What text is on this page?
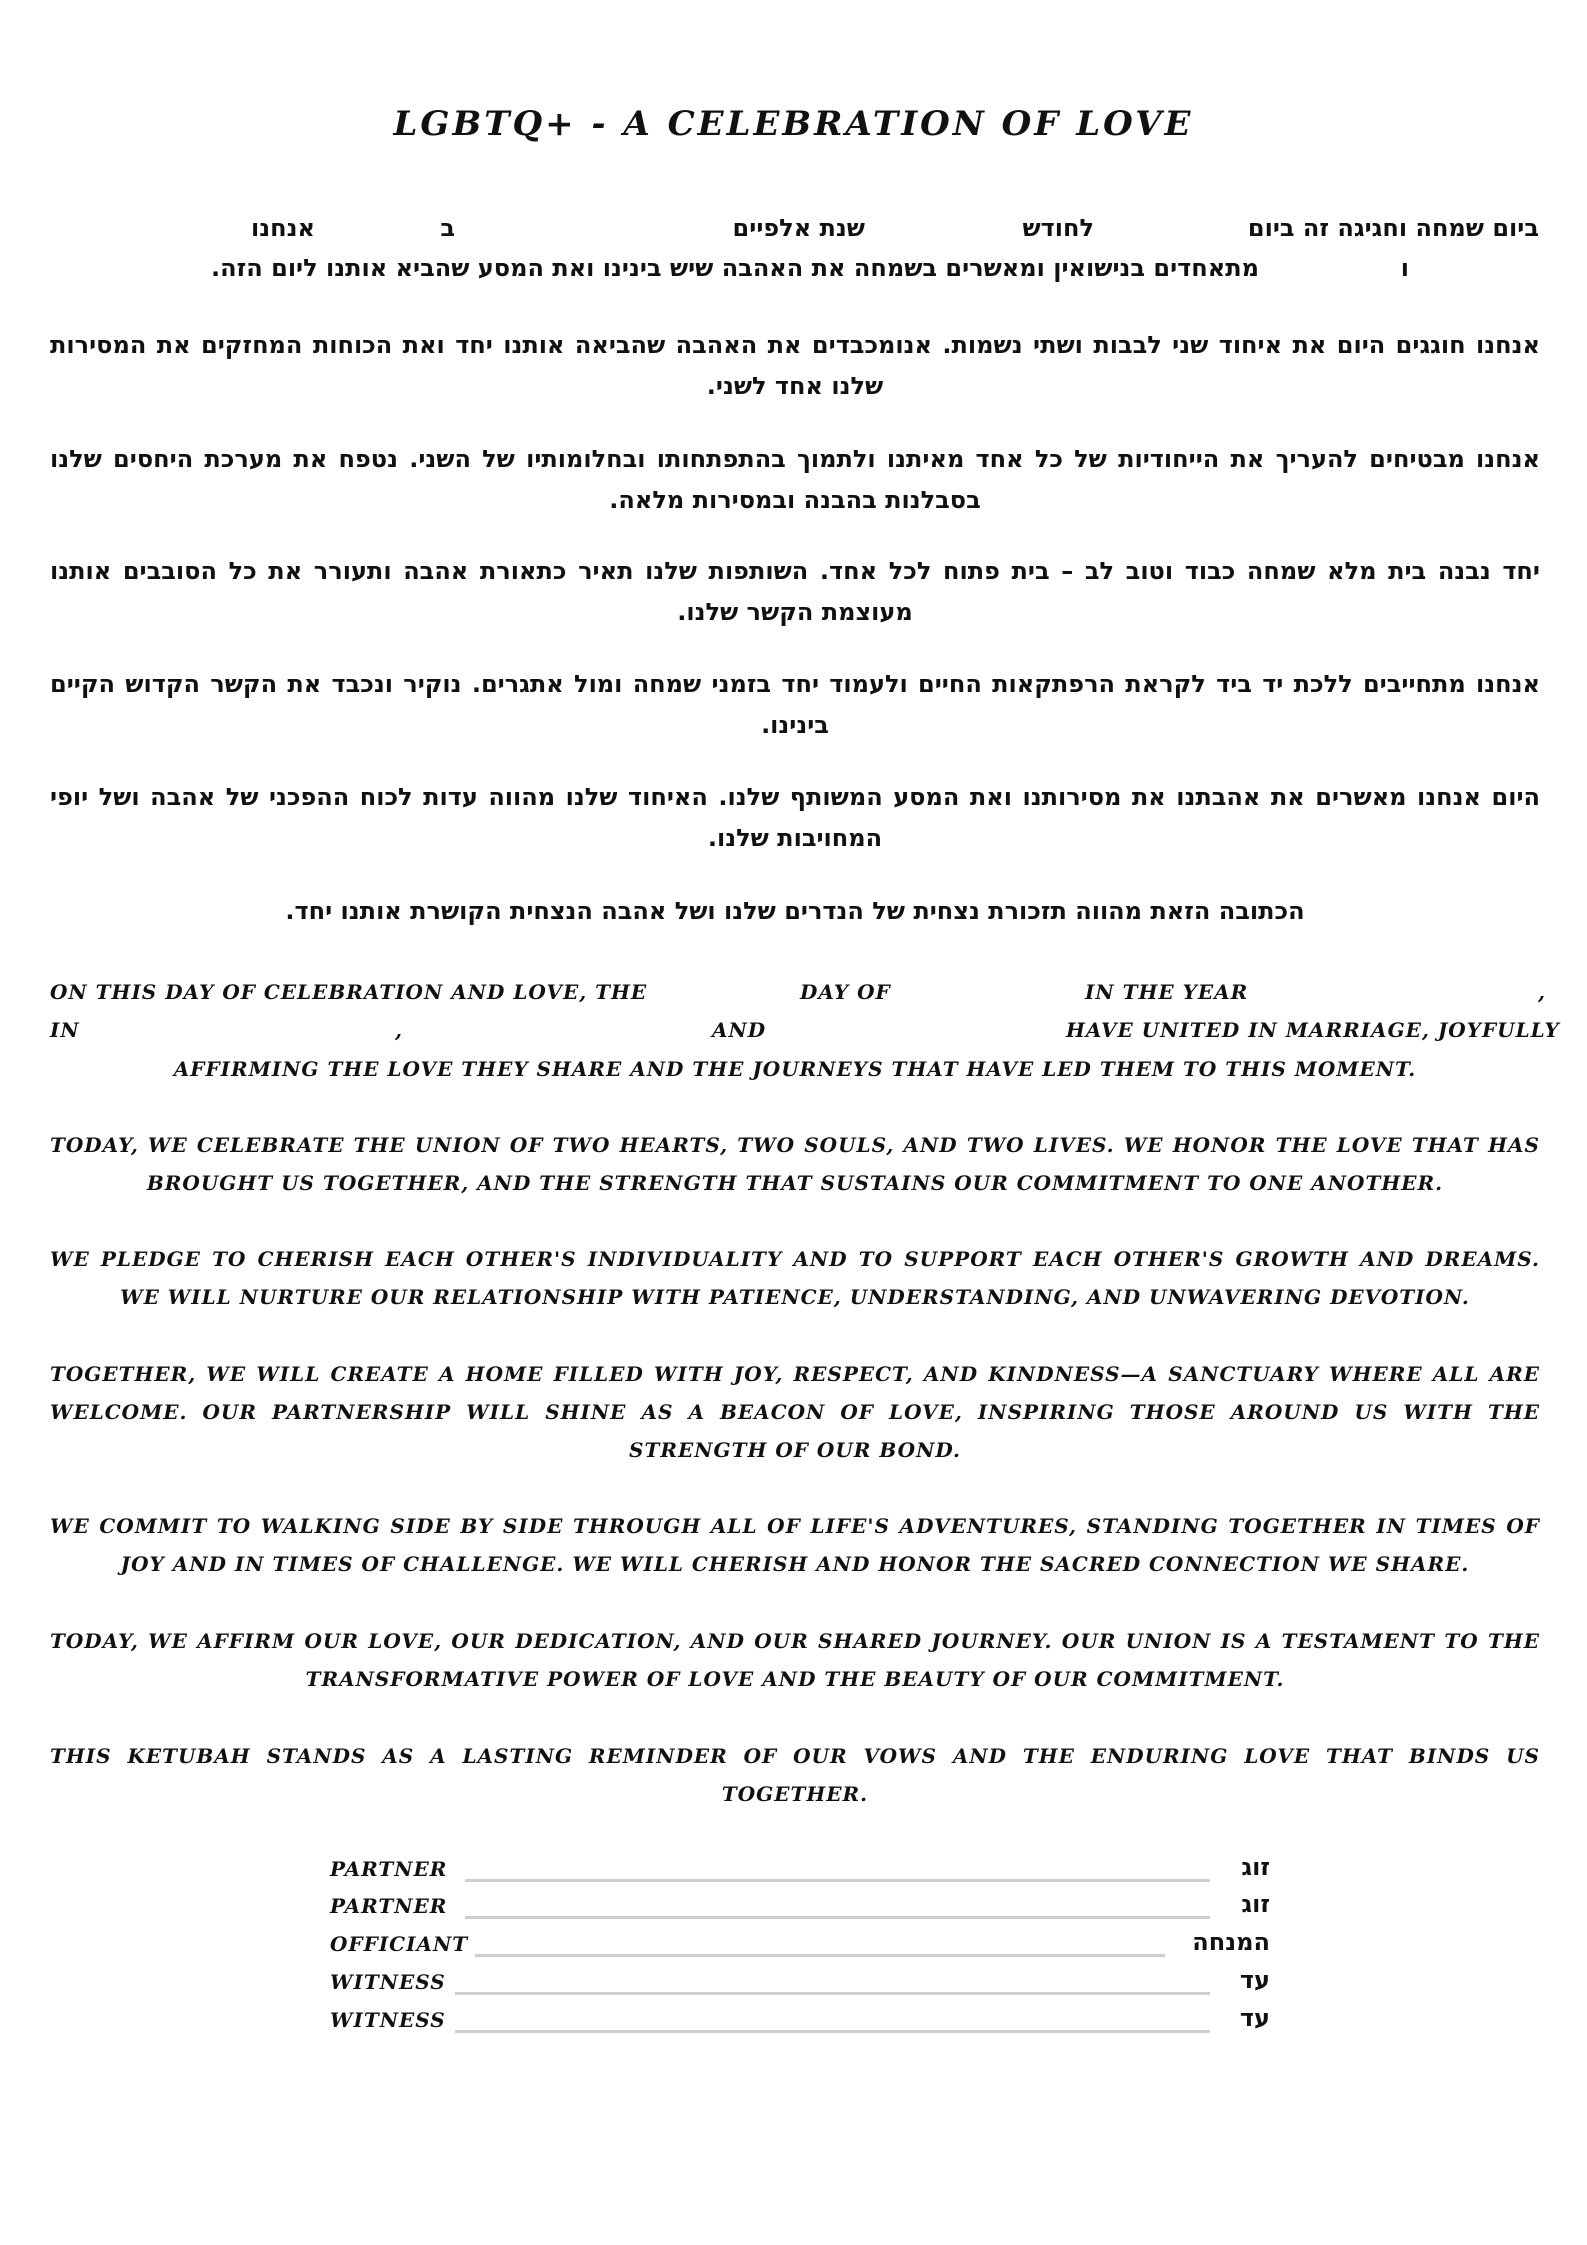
LGBTQ+ - A CELEBRATION OF LOVE
ביום שמחה וחגיגה זה ביום
לחודש
שנת אלפיים
ב
אנחנו
ו
מתאחדים בנישואין ומאשרים בשמחה את האהבה שיש בינינו ואת המסע שהביא אותנו ליום הזה.
אנחנו חוגגים היום את איחוד שני לבבות ושתי נשמות. אנומכבדים את האהבה שהביאה אותנו יחד ואת הכוחות המחזקים את המסירות שלנו אחד לשני.
אנחנו מבטיחים להעריך את הייחודיות של כל אחד מאיתנו ולתמוך בהתפתחותו ובחלומותיו של השני. נטפח את מערכת היחסים שלנו בסבלנות בהבנה ובמסירות מלאה.
יחד נבנה בית מלא שמחה כבוד וטוב לב – בית פתוח לכל אחד. השותפות שלנו תאיר כתאורת אהבה ותעורר את כל הסובבים אותנו מעוצמת הקשר שלנו.
אנחנו מתחייבים ללכת יד ביד לקראת הרפתקאות החיים ולעמוד יחד בזמני שמחה ומול אתגרים. נוקיר ונכבד את הקשר הקדוש הקיים בינינו.
היום אנחנו מאשרים את אהבתנו את מסירותנו ואת המסע המשותף שלנו. האיחוד שלנו מהווה עדות לכוח ההפכני של אהבה ושל יופי המחויבות שלנו.
הכתובה הזאת מהווה תזכורת נצחית של הנדרים שלנו ושל אהבה הנצחית הקושרת אותנו יחד.
ON THIS DAY OF CELEBRATION AND LOVE, THE	DAY OF	IN THE YEAR	,
IN	,	AND	HAVE UNITED IN MARRIAGE, JOYFULLY
AFFIRMING THE LOVE THEY SHARE AND THE JOURNEYS THAT HAVE LED THEM TO THIS MOMENT.
TODAY, WE CELEBRATE THE UNION OF TWO HEARTS, TWO SOULS, AND TWO LIVES. WE HONOR THE LOVE THAT HAS BROUGHT US TOGETHER, AND THE STRENGTH THAT SUSTAINS OUR COMMITMENT TO ONE ANOTHER.
WE PLEDGE TO CHERISH EACH OTHER'S INDIVIDUALITY AND TO SUPPORT EACH OTHER'S GROWTH AND DREAMS. WE WILL NURTURE OUR RELATIONSHIP WITH PATIENCE, UNDERSTANDING, AND UNWAVERING DEVOTION.
TOGETHER, WE WILL CREATE A HOME FILLED WITH JOY, RESPECT, AND KINDNESS—A SANCTUARY WHERE ALL ARE WELCOME. OUR PARTNERSHIP WILL SHINE AS A BEACON OF LOVE, INSPIRING THOSE AROUND US WITH THE STRENGTH OF OUR BOND.
WE COMMIT TO WALKING SIDE BY SIDE THROUGH ALL OF LIFE'S ADVENTURES, STANDING TOGETHER IN TIMES OF JOY AND IN TIMES OF CHALLENGE. WE WILL CHERISH AND HONOR THE SACRED CONNECTION WE SHARE.
TODAY, WE AFFIRM OUR LOVE, OUR DEDICATION, AND OUR SHARED JOURNEY. OUR UNION IS A TESTAMENT TO THE TRANSFORMATIVE POWER OF LOVE AND THE BEAUTY OF OUR COMMITMENT.
THIS KETUBAH STANDS AS A LASTING REMINDER OF OUR VOWS AND THE ENDURING LOVE THAT BINDS US TOGETHER.
PARTNER	זוג
PARTNER	זוג
OFFICIANT	המנחה
WITNESS	עד
WITNESS	עד
